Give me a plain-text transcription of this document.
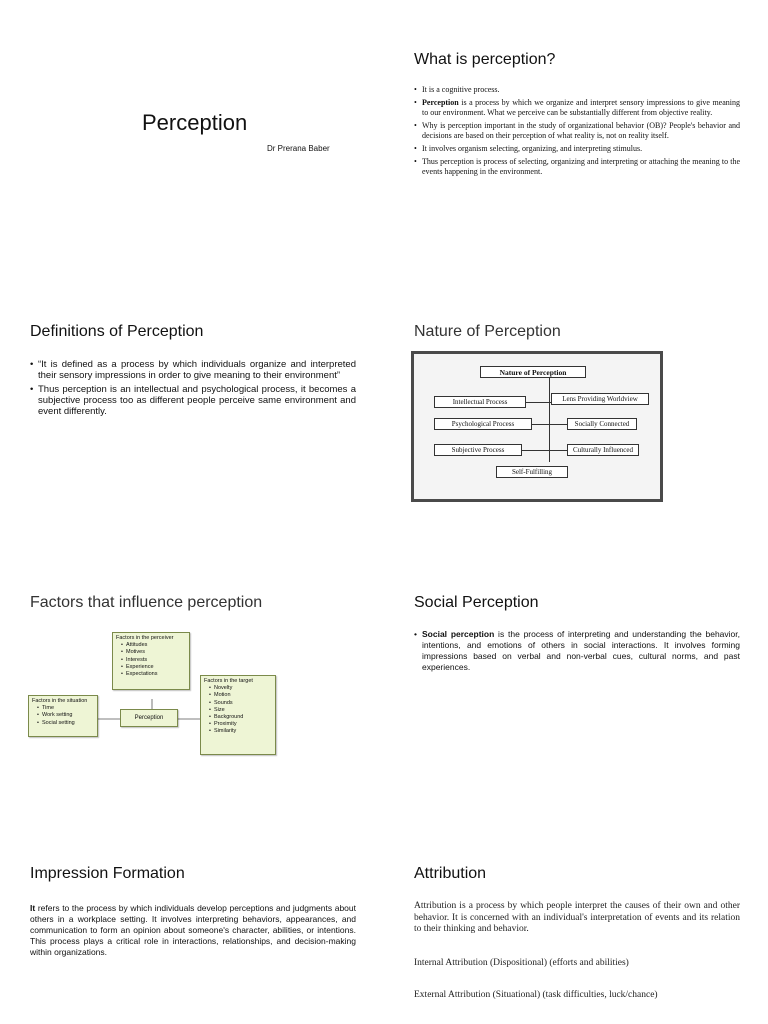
Perception
Dr Prerana Baber
What is perception?
• It is a cognitive process.
• Perception is a process by which we organize and interpret sensory impressions to give meaning to our environment. What we perceive can be substantially different from objective reality.
• Why is perception important in the study of organizational behavior (OB)? People's behavior and decisions are based on their perception of what reality is, not on reality itself.
• It involves organism selecting, organizing, and interpreting stimulus.
• Thus perception is process of selecting, organizing and interpreting or attaching the meaning to the events happening in the environment.
Definitions of Perception
• “It is defined as a process by which individuals organize and interpreted their sensory impressions in order to give meaning to their environment”
• Thus perception is an intellectual and psychological process, it becomes a subjective process too as different people perceive same environment and event differently.
Nature of Perception
Nature of Perception
Intellectual Process
Psychological Process
Subjective Process
Lens Providing Worldview
Socially Connected
Culturally Influenced
Self-Fulfilling
Factors that influence perception
Factors in the perceiver
• Attitudes
• Motives
• Interests
• Experience
• Expectations
Factors in the situation
• Time
• Work setting
• Social setting
Perception
Factors in the target
• Novelty
• Motion
• Sounds
• Size
• Background
• Proximity
• Similarity
Social Perception
• Social perception is the process of interpreting and understanding the behavior, intentions, and emotions of others in social interactions. It involves forming impressions based on verbal and non-verbal cues, cultural norms, and past experiences.
Impression Formation

It refers to the process by which individuals develop perceptions and judgments about others in a workplace setting. It involves interpreting behaviors, appearances, and communication to form an opinion about someone's character, abilities, or intentions. This process plays a critical role in interactions, relationships, and decision-making within organizations.

Attribution

Attribution is a process by which people interpret the causes of their own and other behavior. It is concerned with an individual's interpretation of events and its relation to their thinking and behavior.

Internal Attribution (Dispositional) (efforts and abilities)
External Attribution (Situational) (task difficulties, luck/chance)
